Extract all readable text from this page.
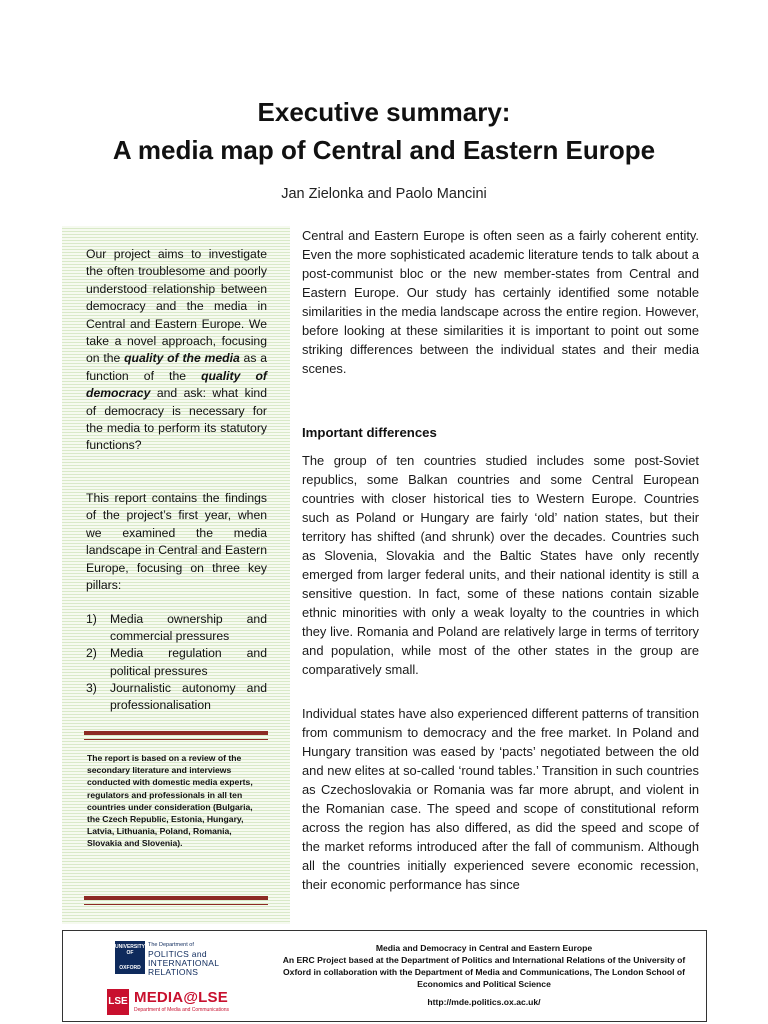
Executive summary:
A media map of Central and Eastern Europe
Jan Zielonka and Paolo Mancini

Our project aims to investigate the often troublesome and poorly understood relationship between democracy and the media in Central and Eastern Europe. We take a novel approach, focusing on the quality of the media as a function of the quality of democracy and ask: what kind of democracy is necessary for the media to perform its statutory functions?

This report contains the findings of the project’s first year, when we examined the media landscape in Central and Eastern Europe, focusing on three key pillars:

1) Media ownership and commercial pressures
2) Media regulation and political pressures
3) Journalistic autonomy and professionalisation
The report is based on a review of the secondary literature and interviews conducted with domestic media experts, regulators and professionals in all ten countries under consideration (Bulgaria, the Czech Republic, Estonia, Hungary, Latvia, Lithuania, Poland, Romania, Slovakia and Slovenia).

Central and Eastern Europe is often seen as a fairly coherent entity. Even the more sophisticated academic literature tends to talk about a post-communist bloc or the new member-states from Central and Eastern Europe. Our study has certainly identified some notable similarities in the media landscape across the entire region. However, before looking at these similarities it is important to point out some striking differences between the individual states and their media scenes.

Important differences

The group of ten countries studied includes some post-Soviet republics, some Balkan countries and some Central European countries with closer historical ties to Western Europe. Countries such as Poland or Hungary are fairly ‘old’ nation states, but their territory has shifted (and shrunk) over the decades. Countries such as Slovenia, Slovakia and the Baltic States have only recently emerged from larger federal units, and their national identity is still a sensitive question. In fact, some of these nations contain sizable ethnic minorities with only a weak loyalty to the countries in which they live. Romania and Poland are relatively large in terms of territory and population, while most of the other states in the group are comparatively small.

Individual states have also experienced different patterns of transition from communism to democracy and the free market. In Poland and Hungary transition was eased by ‘pacts’ negotiated between the old and new elites at so-called ‘round tables.’ Transition in such countries as Czechoslovakia or Romania was far more abrupt, and violent in the Romanian case. The speed and scope of constitutional reform across the region has also differed, as did the speed and scope of the market reforms introduced after the fall of communism. Although all the countries initially experienced severe economic recession, their economic performance has since

UNIVERSITY OF
OXFORD
The Department of
POLITICS and
INTERNATIONAL RELATIONS
LSE MEDIA@LSE
Department of Media and Communications
Media and Democracy in Central and Eastern Europe
An ERC Project based at the Department of Politics and International Relations of the University of Oxford in collaboration with the Department of Media and Communications, The London School of Economics and Political Science
http://mde.politics.ox.ac.uk/
